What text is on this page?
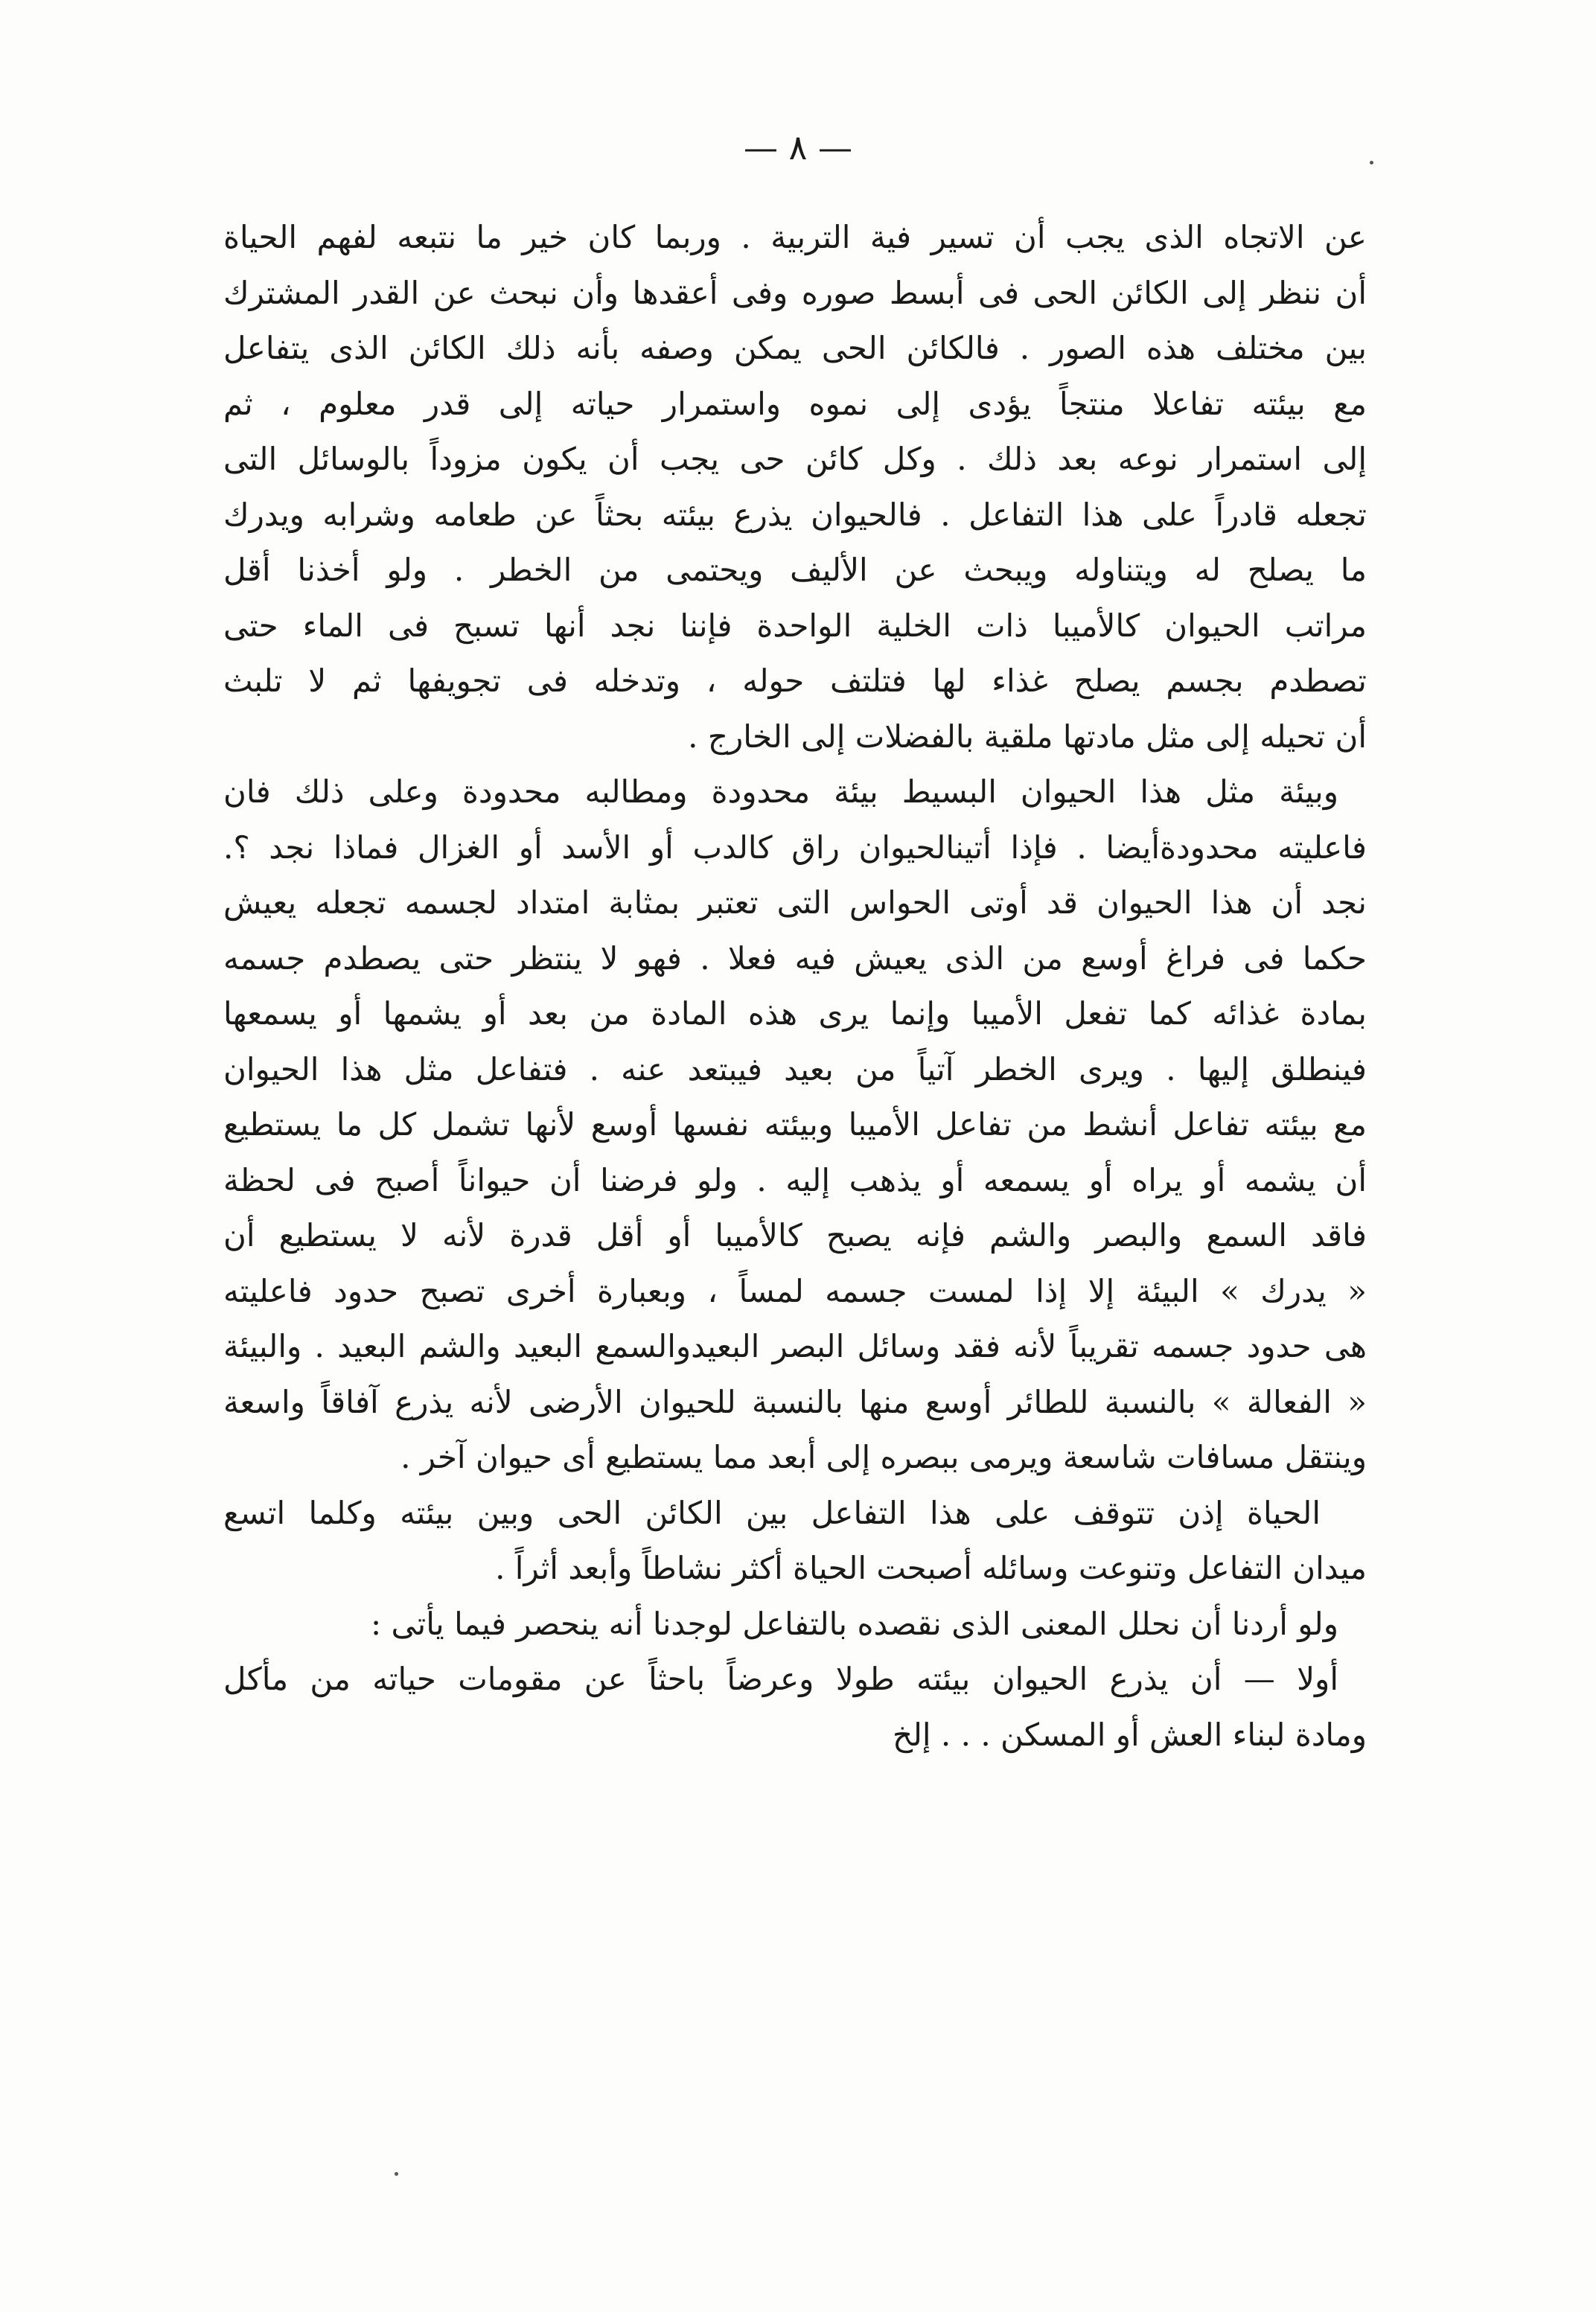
— ٨ —
عن الاتجاه الذى يجب أن تسير فية التربية . وربما كان خير ما نتبعه لفهم الحياة
أن ننظر إلى الكائن الحى فى أبسط صوره وفى أعقدها وأن نبحث عن القدر المشترك
بين مختلف هذه الصور . فالكائن الحى يمكن وصفه بأنه ذلك الكائن الذى يتفاعل
مع بيئته تفاعلا منتجاً يؤدى إلى نموه واستمرار حياته إلى قدر معلوم ، ثم
إلى استمرار نوعه بعد ذلك . وكل كائن حى يجب أن يكون مزوداً بالوسائل التى
تجعله قادراً على هذا التفاعل . فالحيوان يذرع بيئته بحثاً عن طعامه وشرابه ويدرك
ما يصلح له ويتناوله ويبحث عن الأليف ويحتمى من الخطر . ولو أخذنا أقل
مراتب الحيوان كالأميبا ذات الخلية الواحدة فإننا نجد أنها تسبح فى الماء حتى
تصطدم بجسم يصلح غذاء لها فتلتف حوله ، وتدخله فى تجويفها ثم لا تلبث
أن تحيله إلى مثل مادتها ملقية بالفضلات إلى الخارج .
وبيئة مثل هذا الحيوان البسيط بيئة محدودة ومطالبه محدودة وعلى ذلك فان
فاعليته محدودةأيضا . فإذا أتينالحيوان راق كالدب أو الأسد أو الغزال فماذا نجد ؟.
نجد أن هذا الحيوان قد أوتى الحواس التى تعتبر بمثابة امتداد لجسمه تجعله يعيش
حكما فى فراغ أوسع من الذى يعيش فيه فعلا . فهو لا ينتظر حتى يصطدم جسمه
بمادة غذائه كما تفعل الأميبا وإنما يرى هذه المادة من بعد أو يشمها أو يسمعها
فينطلق إليها . ويرى الخطر آتياً من بعيد فيبتعد عنه . فتفاعل مثل هذا الحيوان
مع بيئته تفاعل أنشط من تفاعل الأميبا وبيئته نفسها أوسع لأنها تشمل كل ما يستطيع
أن يشمه أو يراه أو يسمعه أو يذهب إليه . ولو فرضنا أن حيواناً أصبح فى لحظة
فاقد السمع والبصر والشم فإنه يصبح كالأميبا أو أقل قدرة لأنه لا يستطيع أن
« يدرك » البيئة إلا إذا لمست جسمه لمساً ، وبعبارة أخرى تصبح حدود فاعليته
هى حدود جسمه تقريباً لأنه فقد وسائل البصر البعيدوالسمع البعيد والشم البعيد . والبيئة
« الفعالة » بالنسبة للطائر أوسع منها بالنسبة للحيوان الأرضى لأنه يذرع آفاقاً واسعة
وينتقل مسافات شاسعة ويرمى ببصره إلى أبعد مما يستطيع أى حيوان آخر .
الحياة إذن تتوقف على هذا التفاعل بين الكائن الحى وبين بيئته وكلما اتسع
ميدان التفاعل وتنوعت وسائله أصبحت الحياة أكثر نشاطاً وأبعد أثراً .
ولو أردنا أن نحلل المعنى الذى نقصده بالتفاعل لوجدنا أنه ينحصر فيما يأتى :
أولا — أن يذرع الحيوان بيئته طولا وعرضاً باحثاً عن مقومات حياته من مأكل
ومادة لبناء العش أو المسكن . . . إلخ
